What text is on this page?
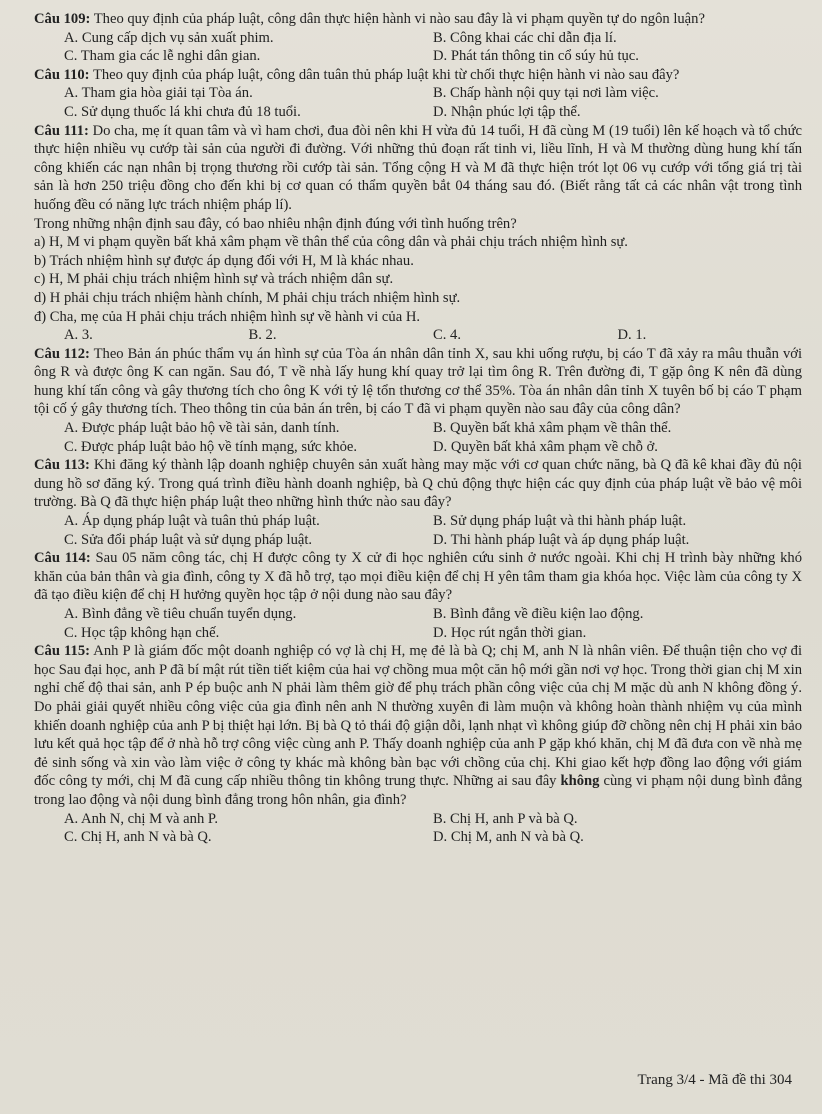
Câu 109: Theo quy định của pháp luật, công dân thực hiện hành vi nào sau đây là vi phạm quyền tự do ngôn luận?

A. Cung cấp dịch vụ sản xuất phim.	B. Công khai các chỉ dẫn địa lí.
C. Tham gia các lễ nghi dân gian.	D. Phát tán thông tin cổ súy hủ tục.

Câu 110: Theo quy định của pháp luật, công dân tuân thủ pháp luật khi từ chối thực hiện hành vi nào sau đây?

A. Tham gia hòa giải tại Tòa án.	B. Chấp hành nội quy tại nơi làm việc.
C. Sử dụng thuốc lá khi chưa đủ 18 tuổi.	D. Nhận phúc lợi tập thể.

Câu 111: Do cha, mẹ ít quan tâm và vì ham chơi, đua đòi nên khi H vừa đủ 14 tuổi, H đã cùng M (19 tuổi) lên kế hoạch và tổ chức thực hiện nhiều vụ cướp tài sản của người đi đường. Với những thủ đoạn rất tinh vi, liều lĩnh, H và M thường dùng hung khí tấn công khiến các nạn nhân bị trọng thương rồi cướp tài sản. Tổng cộng H và M đã thực hiện trót lọt 06 vụ cướp với tổng giá trị tài sản là hơn 250 triệu đồng cho đến khi bị cơ quan có thẩm quyền bắt 04 tháng sau đó. (Biết rằng tất cả các nhân vật trong tình huống đều có năng lực trách nhiệm pháp lí).

Trong những nhận định sau đây, có bao nhiêu nhận định đúng với tình huống trên?

a) H, M vi phạm quyền bất khả xâm phạm về thân thể của công dân và phải chịu trách nhiệm hình sự.

b) Trách nhiệm hình sự được áp dụng đối với H, M là khác nhau.

c) H, M phải chịu trách nhiệm hình sự và trách nhiệm dân sự.

d) H phải chịu trách nhiệm hành chính, M phải chịu trách nhiệm hình sự.

đ) Cha, mẹ của H phải chịu trách nhiệm hình sự về hành vi của H.

A. 3.	B. 2.	C. 4.	D. 1.

Câu 112: Theo Bản án phúc thẩm vụ án hình sự của Tòa án nhân dân tỉnh X, sau khi uống rượu, bị cáo T đã xảy ra mâu thuẫn với ông R và được ông K can ngăn. Sau đó, T về nhà lấy hung khí quay trở lại tìm ông R. Trên đường đi, T gặp ông K nên đã dùng hung khí tấn công và gây thương tích cho ông K với tỷ lệ tổn thương cơ thể 35%. Tòa án nhân dân tỉnh X tuyên bố bị cáo T phạm tội cố ý gây thương tích. Theo thông tin của bản án trên, bị cáo T đã vi phạm quyền nào sau đây của công dân?

A. Được pháp luật bảo hộ về tài sản, danh tính.	B. Quyền bất khả xâm phạm về thân thể.
C. Được pháp luật bảo hộ về tính mạng, sức khỏe.	D. Quyền bất khả xâm phạm về chỗ ở.

Câu 113: Khi đăng ký thành lập doanh nghiệp chuyên sản xuất hàng may mặc với cơ quan chức năng, bà Q đã kê khai đầy đủ nội dung hồ sơ đăng ký. Trong quá trình điều hành doanh nghiệp, bà Q chủ động thực hiện các quy định của pháp luật về bảo vệ môi trường. Bà Q đã thực hiện pháp luật theo những hình thức nào sau đây?

A. Áp dụng pháp luật và tuân thủ pháp luật.	B. Sử dụng pháp luật và thi hành pháp luật.
C. Sửa đổi pháp luật và sử dụng pháp luật.	D. Thi hành pháp luật và áp dụng pháp luật.

Câu 114: Sau 05 năm công tác, chị H được công ty X cử đi học nghiên cứu sinh ở nước ngoài. Khi chị H trình bày những khó khăn của bản thân và gia đình, công ty X đã hỗ trợ, tạo mọi điều kiện để chị H yên tâm tham gia khóa học. Việc làm của công ty X đã tạo điều kiện để chị H hưởng quyền học tập ở nội dung nào sau đây?

A. Bình đẳng về tiêu chuẩn tuyển dụng.	B. Bình đẳng về điều kiện lao động.
C. Học tập không hạn chế.	D. Học rút ngắn thời gian.

Câu 115: Anh P là giám đốc một doanh nghiệp có vợ là chị H, mẹ đẻ là bà Q; chị M, anh N là nhân viên. Để thuận tiện cho vợ đi học Sau đại học, anh P đã bí mật rút tiền tiết kiệm của hai vợ chồng mua một căn hộ mới gần nơi vợ học. Trong thời gian chị M xin nghỉ chế độ thai sản, anh P ép buộc anh N phải làm thêm giờ để phụ trách phần công việc của chị M mặc dù anh N không đồng ý. Do phải giải quyết nhiều công việc của gia đình nên anh N thường xuyên đi làm muộn và không hoàn thành nhiệm vụ của mình khiến doanh nghiệp của anh P bị thiệt hại lớn. Bị bà Q tỏ thái độ giận dỗi, lạnh nhạt vì không giúp đỡ chồng nên chị H phải xin bảo lưu kết quả học tập để ở nhà hỗ trợ công việc cùng anh P. Thấy doanh nghiệp của anh P gặp khó khăn, chị M đã đưa con về nhà mẹ đẻ sinh sống và xin vào làm việc ở công ty khác mà không bàn bạc với chồng của chị. Khi giao kết hợp đồng lao động với giám đốc công ty mới, chị M đã cung cấp nhiều thông tin không trung thực. Những ai sau đây không cùng vi phạm nội dung bình đẳng trong lao động và nội dung bình đẳng trong hôn nhân, gia đình?

A. Anh N, chị M và anh P.	B. Chị H, anh P và bà Q.
C. Chị H, anh N và bà Q.	D. Chị M, anh N và bà Q.
Trang 3/4 - Mã đề thi 304
